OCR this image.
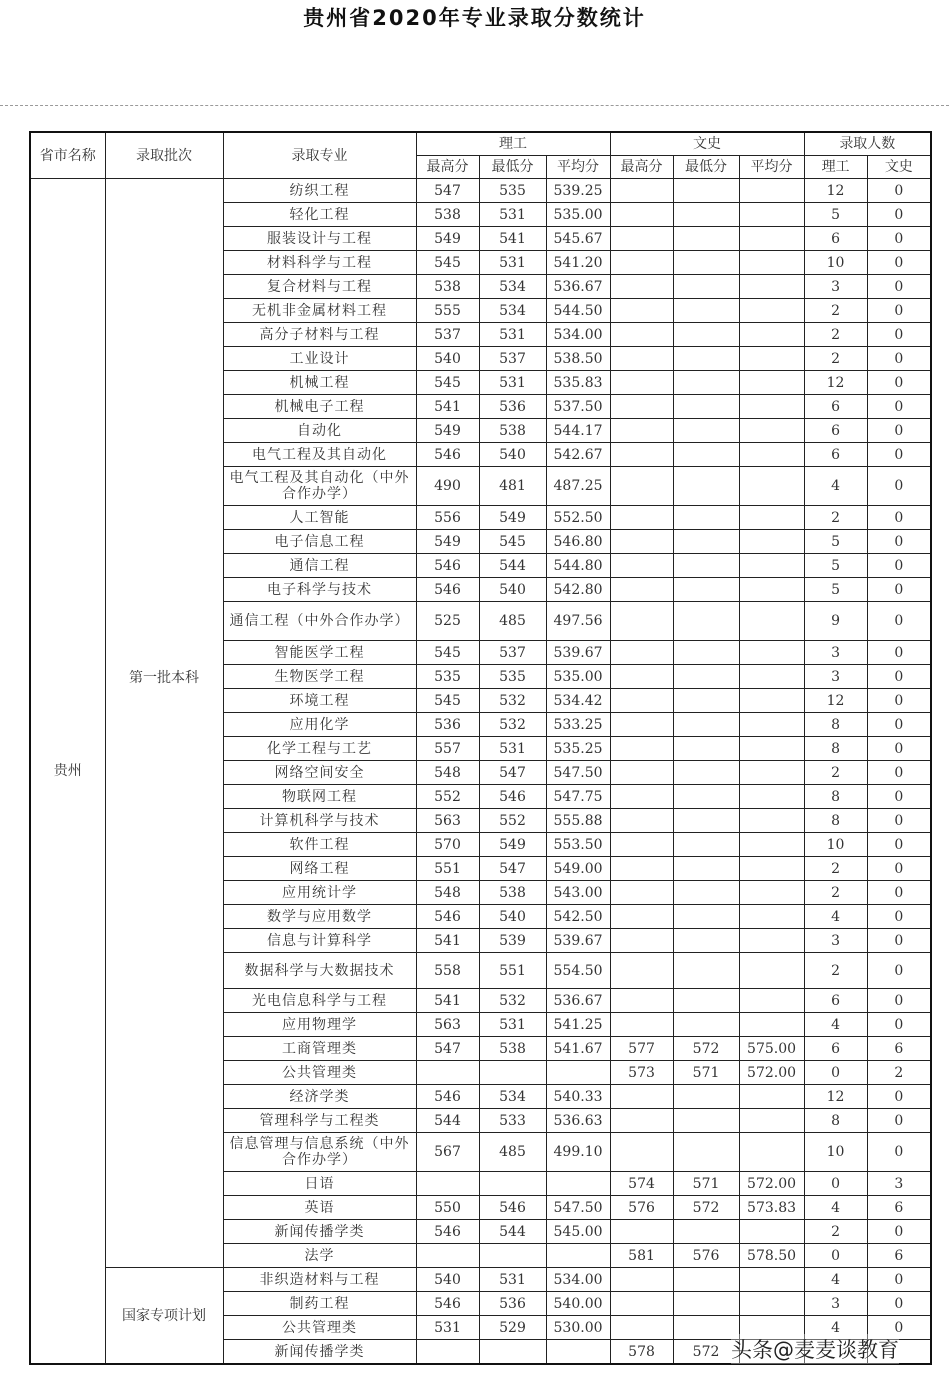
贵州省2020年专业录取分数统计
省市名称	录取批次	录取专业	理工			文史			录取人数	
			最高分	最低分	平均分	最高分	最低分	平均分	理工	文史
贵州	第一批本科	纺织工程	547	535	539.25				12	0
		轻化工程	538	531	535.00				5	0
		服装设计与工程	549	541	545.67				6	0
		材料科学与工程	545	531	541.20				10	0
		复合材料与工程	538	534	536.67				3	0
		无机非金属材料工程	555	534	544.50				2	0
		高分子材料与工程	537	531	534.00				2	0
		工业设计	540	537	538.50				2	0
		机械工程	545	531	535.83				12	0
		机械电子工程	541	536	537.50				6	0
		自动化	549	538	544.17				6	0
		电气工程及其自动化	546	540	542.67				6	0
		电气工程及其自动化（中外合作办学）	490	481	487.25				4	0
		人工智能	556	549	552.50				2	0
		电子信息工程	549	545	546.80				5	0
		通信工程	546	544	544.80				5	0
		电子科学与技术	546	540	542.80				5	0
		通信工程（中外合作办学）	525	485	497.56				9	0
		智能医学工程	545	537	539.67				3	0
		生物医学工程	535	535	535.00				3	0
		环境工程	545	532	534.42				12	0
		应用化学	536	532	533.25				8	0
		化学工程与工艺	557	531	535.25				8	0
		网络空间安全	548	547	547.50				2	0
		物联网工程	552	546	547.75				8	0
		计算机科学与技术	563	552	555.88				8	0
		软件工程	570	549	553.50				10	0
		网络工程	551	547	549.00				2	0
		应用统计学	548	538	543.00				2	0
		数学与应用数学	546	540	542.50				4	0
		信息与计算科学	541	539	539.67				3	0
		数据科学与大数据技术	558	551	554.50				2	0
		光电信息科学与工程	541	532	536.67				6	0
		应用物理学	563	531	541.25				4	0
		工商管理类	547	538	541.67	577	572	575.00	6	6
		公共管理类				573	571	572.00	0	2
		经济学类	546	534	540.33				12	0
		管理科学与工程类	544	533	536.63				8	0
		信息管理与信息系统（中外合作办学）	567	485	499.10				10	0
		日语				574	571	572.00	0	3
		英语	550	546	547.50	576	572	573.83	4	6
		新闻传播学类	546	544	545.00				2	0
		法学				581	576	578.50	0	6
	国家专项计划	非织造材料与工程	540	531	534.00				4	0
		制药工程	546	536	540.00				3	0
		公共管理类	531	529	530.00				4	0
		新闻传播学类				578	572			头条@麦麦谈教育
